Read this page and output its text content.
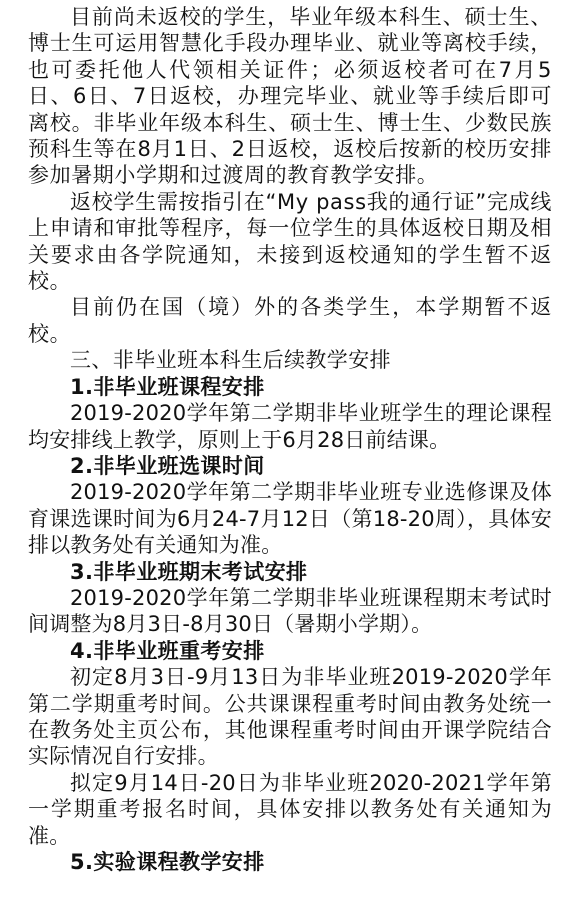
目前尚未返校的学生，毕业年级本科生、硕士生、博士生可运用智慧化手段办理毕业、就业等离校手续，也可委托他人代领相关证件；必须返校者可在7月5日、6日、7日返校，办理完毕业、就业等手续后即可离校。非毕业年级本科生、硕士生、博士生、少数民族预科生等在8月1日、2日返校，返校后按新的校历安排参加暑期小学期和过渡周的教育教学安排。

返校学生需按指引在“My pass我的通行证”完成线上申请和审批等程序，每一位学生的具体返校日期及相关要求由各学院通知，未接到返校通知的学生暂不返校。

目前仍在国（境）外的各类学生，本学期暂不返校。

三、非毕业班本科生后续教学安排

1.非毕业班课程安排

2019-2020学年第二学期非毕业班学生的理论课程均安排线上教学，原则上于6月28日前结课。

2.非毕业班选课时间

2019-2020学年第二学期非毕业班专业选修课及体育课选课时间为6月24-7月12日（第18-20周），具体安排以教务处有关通知为准。

3.非毕业班期末考试安排

2019-2020学年第二学期非毕业班课程期末考试时间调整为8月3日-8月30日（暑期小学期）。

4.非毕业班重考安排

初定8月3日-9月13日为非毕业班2019-2020学年第二学期重考时间。公共课课程重考时间由教务处统一在教务处主页公布，其他课程重考时间由开课学院结合实际情况自行安排。

拟定9月14日-20日为非毕业班2020-2021学年第一学期重考报名时间，具体安排以教务处有关通知为准。

5.实验课程教学安排
